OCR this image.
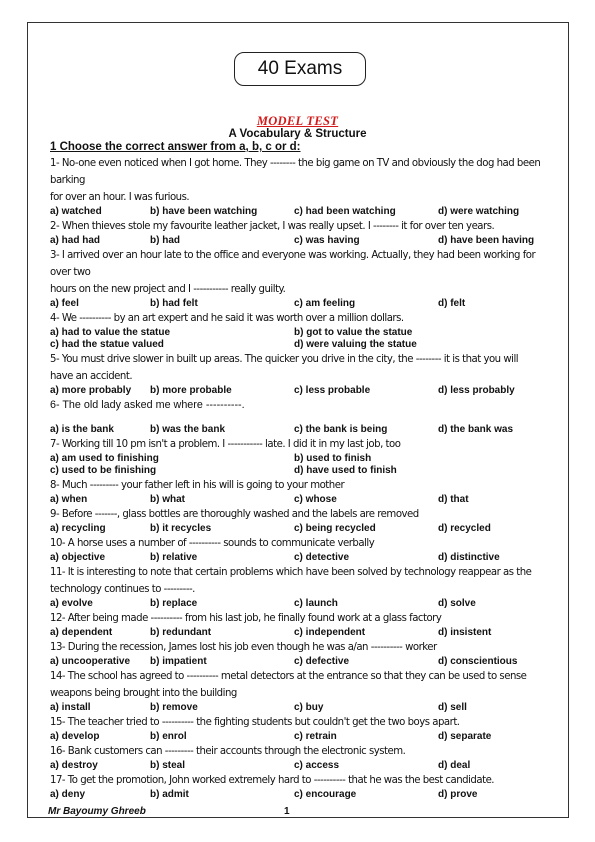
40 Exams
MODEL TEST
A Vocabulary & Structure
1 Choose the correct answer from a, b, c or d:
1- No-one even noticed when I got home. They -------- the big game on TV and obviously the dog had been barking
for over an hour. I was furious.
a) watched	b) have been watching	c) had been watching	d) were watching
2- When thieves stole my favourite leather jacket, I was really upset. I -------- it for over ten years.
a) had had	b) had	c) was having	d) have been having
3- I arrived over an hour late to the office and everyone was working. Actually, they had been working for over two
hours on the new project and I ----------- really guilty.
a) feel	b) had felt	c) am feeling	d) felt
4- We ---------- by an art expert and he said it was worth over a million dollars.
a) had to value the statue	b) got to value the statue
c) had the statue valued	d) were valuing the statue
5- You must drive slower in built up areas. The quicker you drive in the city, the -------- it is that you will
have an accident.
a) more probably	b) more probable	c) less probable	d) less probably
6- The old lady asked me where ----------.
a) is the bank	b) was the bank	c) the bank is being	d) the bank was
7- Working till 10 pm isn't a problem. I ----------- late. I did it in my last job, too
a) am used to finishing	b) used to finish
c) used to be finishing	d) have used to finish
8- Much --------- your father left in his will is going to your mother
a) when	b) what	c) whose	d) that
9- Before -------, glass bottles are thoroughly washed and the labels are removed
a) recycling	b) it recycles	c) being recycled	d) recycled
10- A horse uses a number of ---------- sounds to communicate verbally
a) objective	b) relative	c) detective	d) distinctive
11- It is interesting to note that certain problems which have been solved by technology reappear as the
technology continues to ---------.
a) evolve	b) replace	c) launch	d) solve
12- After being made ---------- from his last job, he finally found work at a glass factory
a) dependent	b) redundant	c) independent	d) insistent
13- During the recession, James lost his job even though he was a/an ---------- worker
a) uncooperative	b) impatient	c) defective	d) conscientious
14- The school has agreed to ---------- metal detectors at the entrance so that they can be used to sense
weapons being brought into the building
a) install	b) remove	c) buy	d) sell
15- The teacher tried to ---------- the fighting students but couldn't get the two boys apart.
a) develop	b) enrol	c) retrain	d) separate
16- Bank customers can --------- their accounts through the electronic system.
a) destroy	b) steal	c) access	d) deal
17- To get the promotion, John worked extremely hard to ---------- that he was the best candidate.
a) deny	b) admit	c) encourage	d) prove
Mr Bayoumy Ghreeb	1
